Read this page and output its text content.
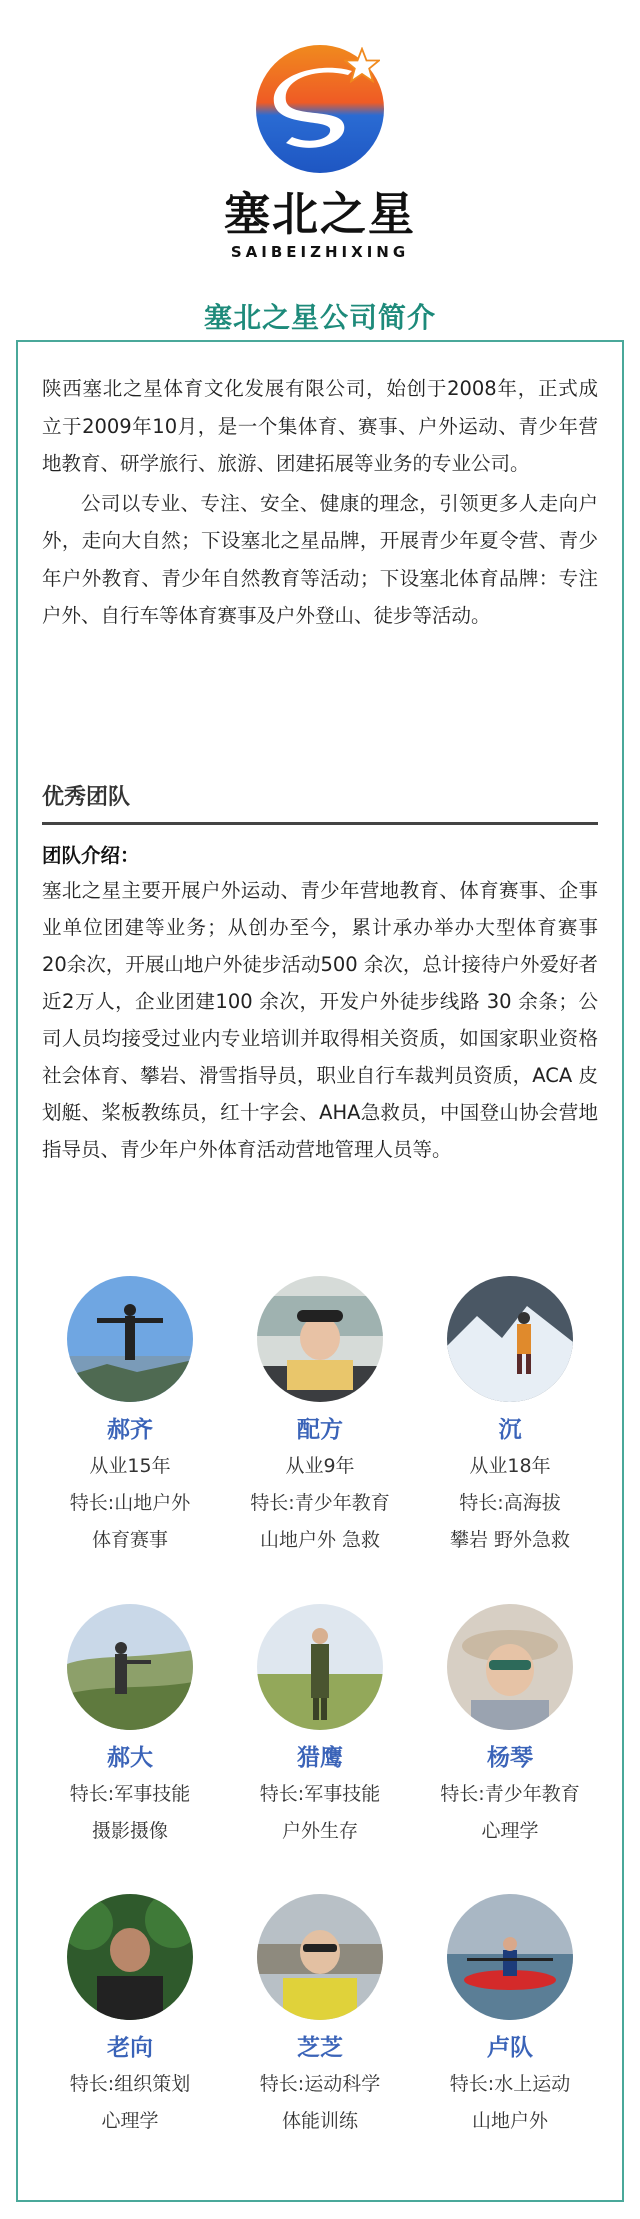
塞北之星
SAIBEIZHIXING
塞北之星公司简介

陕西塞北之星体育文化发展有限公司，始创于2008年，正式成立于2009年10月，是一个集体育、赛事、户外运动、青少年营地教育、研学旅行、旅游、团建拓展等业务的专业公司。

公司以专业、专注、安全、健康的理念，引领更多人走向户外，走向大自然；下设塞北之星品牌，开展青少年夏令营、青少年户外教育、青少年自然教育等活动；下设塞北体育品牌：专注户外、自行车等体育赛事及户外登山、徒步等活动。

优秀团队
团队介绍：
塞北之星主要开展户外运动、青少年营地教育、体育赛事、企事业单位团建等业务；从创办至今，累计承办举办大型体育赛事 20余次，开展山地户外徒步活动500 余次，总计接待户外爱好者近2万人，企业团建100 余次，开发户外徒步线路 30 余条；公司人员均接受过业内专业培训并取得相关资质，如国家职业资格社会体育、攀岩、滑雪指导员，职业自行车裁判员资质，ACA 皮划艇、桨板教练员，红十字会、AHA急救员，中国登山协会营地指导员、青少年户外体育活动营地管理人员等。
郝齐
从业15年
特长:山地户外
体育赛事
配方
从业9年
特长:青少年教育
山地户外 急救
沉
从业18年
特长:高海拔
攀岩 野外急救
郝大
特长:军事技能
摄影摄像
猎鹰
特长:军事技能
户外生存
杨琴
特长:青少年教育
心理学
老向
特长:组织策划
心理学
芝芝
特长:运动科学
体能训练
卢队
特长:水上运动
山地户外
